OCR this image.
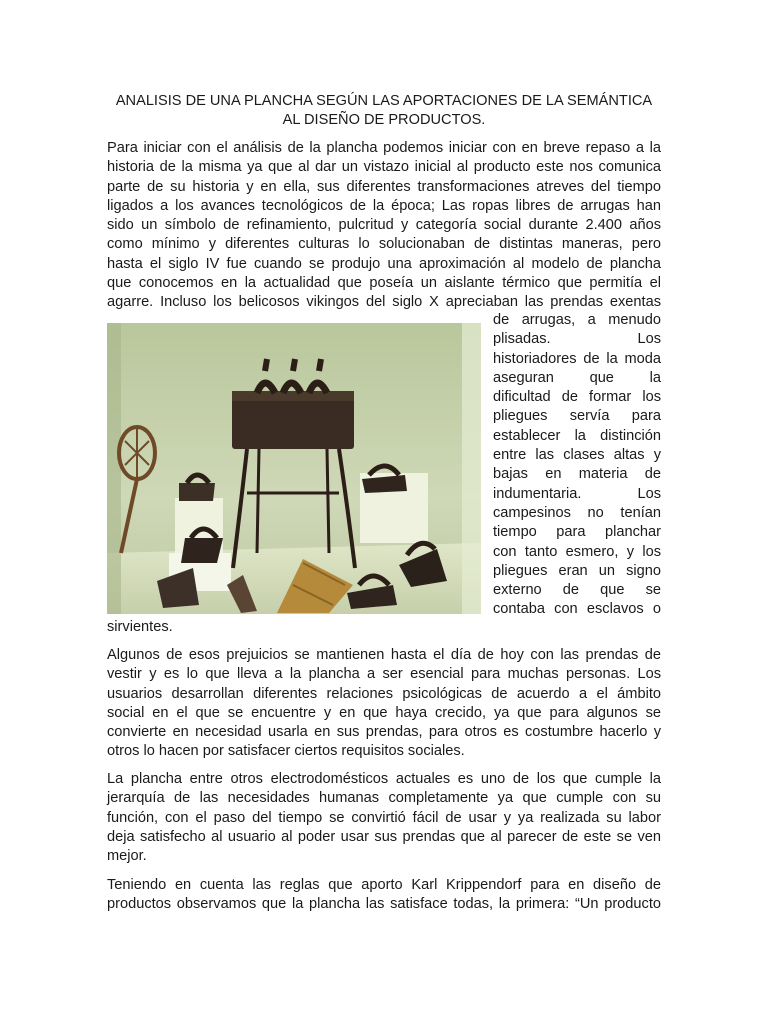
ANALISIS DE UNA PLANCHA SEGÚN LAS APORTACIONES DE LA SEMÁNTICA
AL DISEÑO DE PRODUCTOS.
Para iniciar con el análisis de la plancha podemos iniciar con en breve repaso a la
historia de la misma ya que al dar un vistazo inicial al producto este nos comunica
parte de su historia y en ella, sus diferentes transformaciones atreves del tiempo
ligados a los avances tecnológicos de la época; Las ropas libres de arrugas han
sido un símbolo de refinamiento, pulcritud y categoría social durante 2.400 años
como mínimo y diferentes culturas lo solucionaban de distintas maneras, pero
hasta el siglo IV fue cuando se produjo una aproximación al modelo de plancha
que conocemos en la actualidad que poseía un aislante térmico que permitía el
agarre. Incluso los belicosos vikingos del siglo X apreciaban las prendas exentas
de arrugas, a menudo
plisadas. Los
historiadores de la moda
aseguran que la
dificultad de formar los
pliegues servía para
establecer la distinción
entre las clases altas y
bajas en materia de
indumentaria. Los
campesinos no tenían
tiempo para planchar
con tanto esmero, y los
pliegues eran un signo
externo de que se
contaba con esclavos o
sirvientes.
Algunos de esos prejuicios se mantienen hasta el día de hoy con las prendas de
vestir y es lo que lleva a la plancha a ser esencial para muchas personas. Los
usuarios desarrollan diferentes relaciones psicológicas de acuerdo a el ámbito
social en el que se encuentre y en que haya crecido, ya que para algunos se
convierte en necesidad usarla en sus prendas, para otros es costumbre hacerlo y
otros lo hacen por satisfacer ciertos requisitos sociales.
La plancha entre otros electrodomésticos actuales es uno de los que cumple la
jerarquía de las necesidades humanas completamente ya que cumple con su
función, con el paso del tiempo se convirtió fácil de usar y ya realizada su labor
deja satisfecho al usuario al poder usar sus prendas que al parecer de este se ven
mejor.
Teniendo en cuenta las reglas que aporto Karl Krippendorf para en diseño de
productos observamos que la plancha las satisface todas, la primera: “Un producto
